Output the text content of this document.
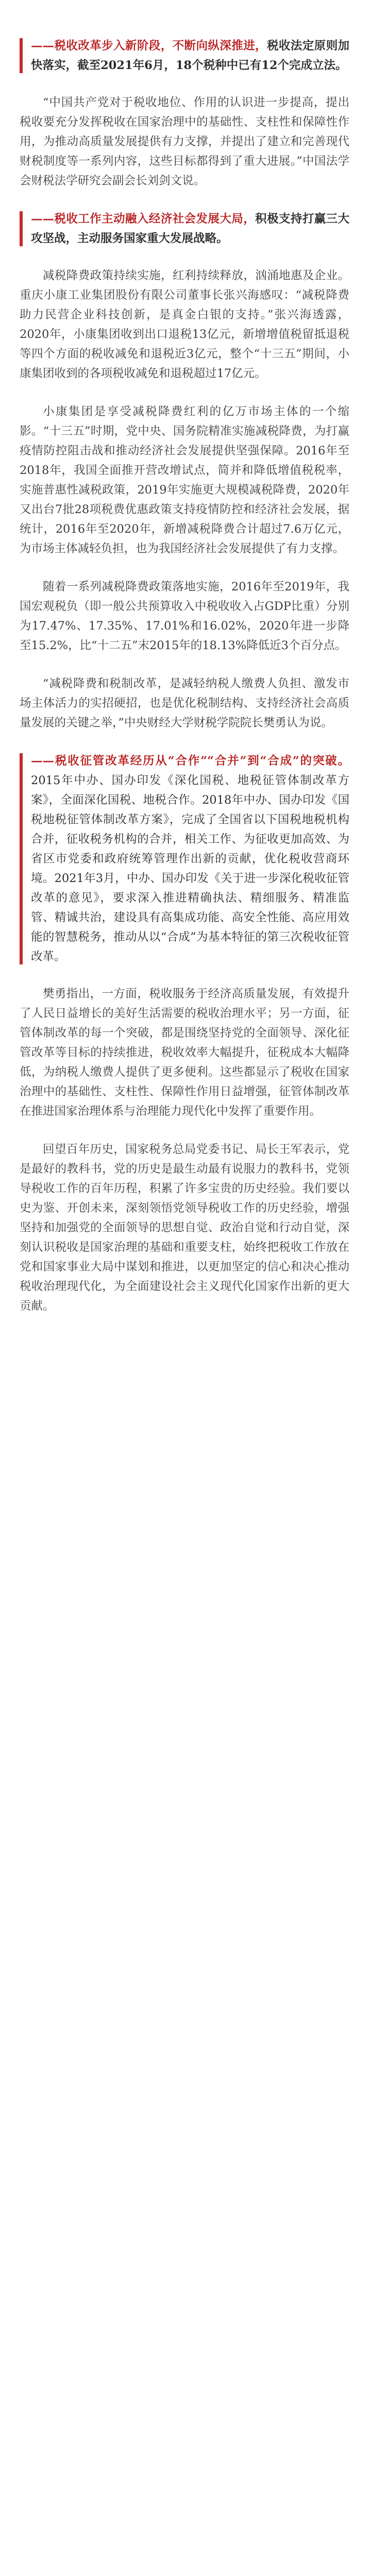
——税收改革步入新阶段，不断向纵深推进，税收法定原则加快落实，截至2021年6月，18个税种中已有12个完成立法。

“中国共产党对于税收地位、作用的认识进一步提高，提出税收要充分发挥税收在国家治理中的基础性、支柱性和保障性作用，为推动高质量发展提供有力支撑，并提出了建立和完善现代财税制度等一系列内容，这些目标都得到了重大进展。”中国法学会财税法学研究会副会长刘剑文说。

——税收工作主动融入经济社会发展大局，积极支持打赢三大攻坚战，主动服务国家重大发展战略。

减税降费政策持续实施，红利持续释放，汹涌地惠及企业。重庆小康工业集团股份有限公司董事长张兴海感叹：“减税降费助力民营企业科技创新，是真金白银的支持。”张兴海透露，2020年，小康集团收到出口退税13亿元，新增增值税留抵退税等四个方面的税收减免和退税近3亿元，整个“十三五”期间，小康集团收到的各项税收减免和退税超过17亿元。

小康集团是享受减税降费红利的亿万市场主体的一个缩影。“十三五”时期，党中央、国务院精准实施减税降费，为打赢疫情防控阻击战和推动经济社会发展提供坚强保障。2016年至2018年，我国全面推开营改增试点，简并和降低增值税税率，实施普惠性减税政策，2019年实施更大规模减税降费，2020年又出台7批28项税费优惠政策支持疫情防控和经济社会发展，据统计，2016年至2020年，新增减税降费合计超过7.6万亿元，为市场主体减轻负担，也为我国经济社会发展提供了有力支撑。

随着一系列减税降费政策落地实施，2016年至2019年，我国宏观税负（即一般公共预算收入中税收收入占GDP比重）分别为17.47%、17.35%、17.01%和16.02%，2020年进一步降至15.2%，比“十二五”末2015年的18.13%降低近3个百分点。

“减税降费和税制改革，是减轻纳税人缴费人负担、激发市场主体活力的实招硬招，也是优化税制结构、支持经济社会高质量发展的关键之举，”中央财经大学财税学院院长樊勇认为说。

——税收征管改革经历从“合作”“合并”到“合成”的突破。2015年中办、国办印发《深化国税、地税征管体制改革方案》，全面深化国税、地税合作。2018年中办、国办印发《国税地税征管体制改革方案》，完成了全国省以下国税地税机构合并，征收税务机构的合并，相关工作、为征收更加高效、为省区市党委和政府统筹管理作出新的贡献，优化税收营商环境。2021年3月，中办、国办印发《关于进一步深化税收征管改革的意见》，要求深入推进精确执法、精细服务、精准监管、精诚共治，建设具有高集成功能、高安全性能、高应用效能的智慧税务，推动从以“合成”为基本特征的第三次税收征管改革。

樊勇指出，一方面，税收服务于经济高质量发展，有效提升了人民日益增长的美好生活需要的税收治理水平；另一方面，征管体制改革的每一个突破，都是围绕坚持党的全面领导、深化征管改革等目标的持续推进，税收效率大幅提升，征税成本大幅降低，为纳税人缴费人提供了更多便利。这些都显示了税收在国家治理中的基础性、支柱性、保障性作用日益增强，征管体制改革在推进国家治理体系与治理能力现代化中发挥了重要作用。

回望百年历史，国家税务总局党委书记、局长王军表示，党是最好的教科书，党的历史是最生动最有说服力的教科书，党领导税收工作的百年历程，积累了许多宝贵的历史经验。我们要以史为鉴、开创未来，深刻领悟党领导税收工作的历史经验，增强坚持和加强党的全面领导的思想自觉、政治自觉和行动自觉，深刻认识税收是国家治理的基础和重要支柱，始终把税收工作放在党和国家事业大局中谋划和推进，以更加坚定的信心和决心推动税收治理现代化，为全面建设社会主义现代化国家作出新的更大贡献。
